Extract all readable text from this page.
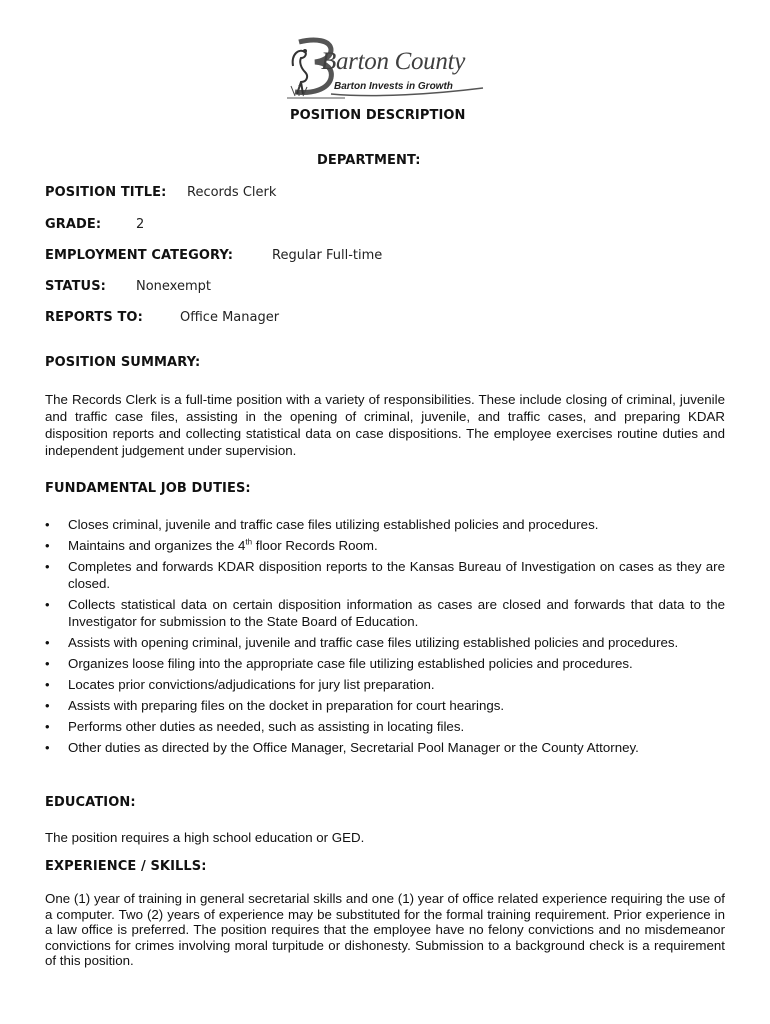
Barton County
Barton Invests in Growth
POSITION DESCRIPTION
DEPARTMENT:
POSITION TITLE: Records Clerk
GRADE:	2
EMPLOYMENT CATEGORY:	Regular Full-time
STATUS: Nonexempt
REPORTS TO:	Office Manager
POSITION SUMMARY:

The Records Clerk is a full-time position with a variety of responsibilities. These include closing of criminal, juvenile and traffic case files, assisting in the opening of criminal, juvenile, and traffic cases, and preparing KDAR disposition reports and collecting statistical data on case dispositions. The employee exercises routine duties and independent judgement under supervision.

FUNDAMENTAL JOB DUTIES:
• Closes criminal, juvenile and traffic case files utilizing established policies and procedures.
• Maintains and organizes the 4th floor Records Room.
• Completes and forwards KDAR disposition reports to the Kansas Bureau of Investigation on cases as they are closed.
• Collects statistical data on certain disposition information as cases are closed and forwards that data to the Investigator for submission to the State Board of Education.
• Assists with opening criminal, juvenile and traffic case files utilizing established policies and procedures.
• Organizes loose filing into the appropriate case file utilizing established policies and procedures.
• Locates prior convictions/adjudications for jury list preparation.
• Assists with preparing files on the docket in preparation for court hearings.
• Performs other duties as needed, such as assisting in locating files.
• Other duties as directed by the Office Manager, Secretarial Pool Manager or the County Attorney.
EDUCATION:

The position requires a high school education or GED.

EXPERIENCE / SKILLS:

One (1) year of training in general secretarial skills and one (1) year of office related experience requiring the use of a computer. Two (2) years of experience may be substituted for the formal training requirement. Prior experience in a law office is preferred. The position requires that the employee have no felony convictions and no misdemeanor convictions for crimes involving moral turpitude or dishonesty. Submission to a background check is a requirement of this position.
